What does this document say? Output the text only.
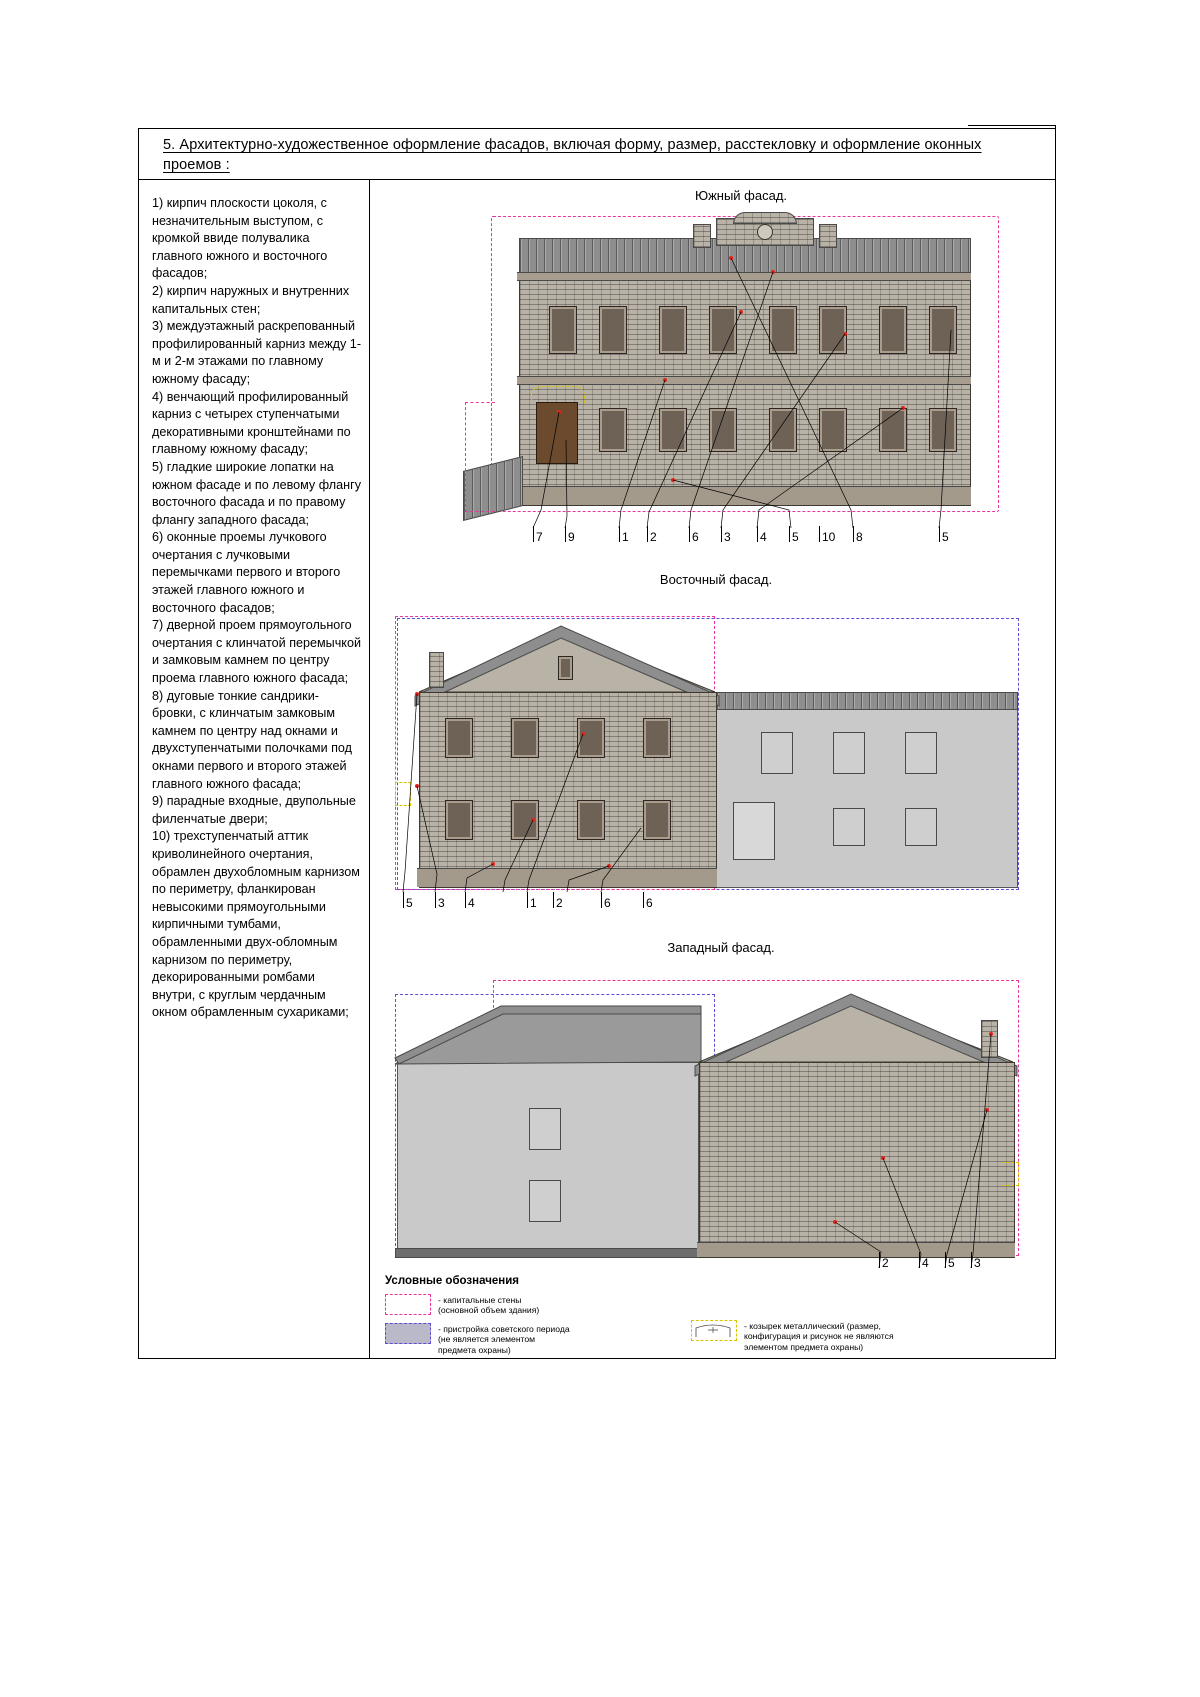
5. Архитектурно-художественное оформление фасадов, включая форму, размер, расстекловку и оформление оконных проемов :

1) кирпич плоскости цоколя, с незначительным выступом, с кромкой ввиде полувалика главного южного и восточного фасадов;

2) кирпич наружных и внутренних капитальных стен;

3) междуэтажный раскрепованный профилированный карниз между 1-м и 2-м этажами по главному южному фасаду;

4) венчающий профилированный карниз с четырех ступенчатыми декоративными кронштейнами по главному южному фасаду;

5) гладкие широкие лопатки на южном фасаде и по левому флангу восточного фасада и по правому флангу западного фасада;

6) оконные проемы лучкового очертания с лучковыми перемычками первого и второго этажей главного южного и восточного фасадов;

7) дверной проем прямоугольного очертания с клинчатой перемычкой и замковым камнем по центру проема главного южного фасада;

8) дуговые тонкие сандрики-бровки, с клинчатым замковым камнем по центру над окнами и двухступенчатыми полочками под окнами первого и второго этажей главного южного фасада;

9) парадные входные, двупольные филенчатые двери;

10) трехступенчатый аттик криволинейного очертания, обрамлен двухобломным карнизом по периметру, фланкирован невысокими прямоугольными кирпичными тумбами, обрамленными двух-обломным карнизом по периметру, декорированными ромбами внутри, с круглым чердачным окном обрамленным сухариками;

Южный фасад.
7 9	1 2	6 3 4 5 10 8	5
Восточный фасад.
5 3 4	1 2	6	6
Западный фасад.
2	4 5 3
Условные обозначения
- капитальные стены
(основной объем здания)
- пристройка советского периода
(не является элементом
предмета охраны)
- козырек металлический (размер,
конфигурация и рисунок не являются
элементом предмета охраны)
